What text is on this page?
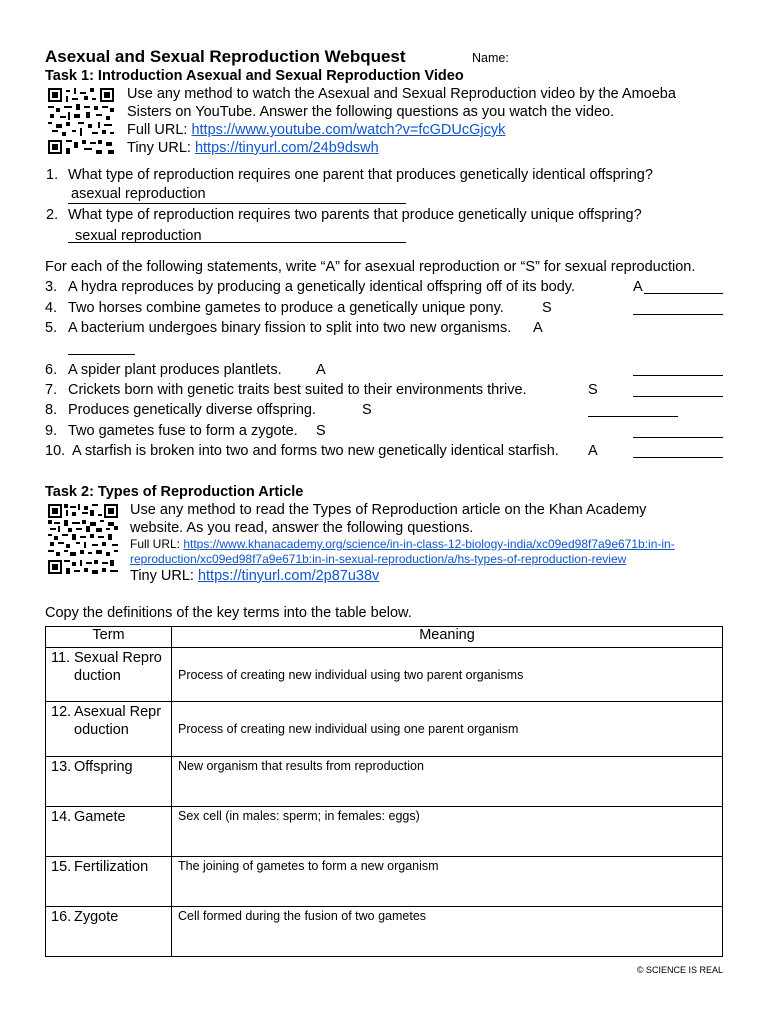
Asexual and Sexual Reproduction Webquest	Name:
Task 1: Introduction Asexual and Sexual Reproduction Video
Use any method to watch the Asexual and Sexual Reproduction video by the Amoeba
Sisters on YouTube. Answer the following questions as you watch the video.
Full URL: https://www.youtube.com/watch?v=fcGDUcGjcyk
Tiny URL: https://tinyurl.com/24b9dswh
1. What type of reproduction requires one parent that produces genetically identical offspring?
asexual reproduction
2. What type of reproduction requires two parents that produce genetically unique offspring?
sexual reproduction
For each of the following statements, write “A” for asexual reproduction or “S” for sexual reproduction.
3. A hydra reproduces by producing a genetically identical offspring off of its body.	A
4. Two horses combine gametes to produce a genetically unique pony.	S
5. A bacterium undergoes binary fission to split into two new organisms. A
6. A spider plant produces plantlets. A
7. Crickets born with genetic traits best suited to their environments thrive.	S
8. Produces genetically diverse offspring.	S
9. Two gametes fuse to form a zygote. S
10. A starfish is broken into two and forms two new genetically identical starfish. A
Task 2: Types of Reproduction Article
Use any method to read the Types of Reproduction article on the Khan Academy
website. As you read, answer the following questions.
Full URL: https://www.khanacademy.org/science/in-in-class-12-biology-india/xc09ed98f7a9e671b:in-in-
reproduction/xc09ed98f7a9e671b:in-in-sexual-reproduction/a/hs-types-of-reproduction-review
Tiny URL: https://tinyurl.com/2p87u38v
Copy the definitions of the key terms into the table below.
Term	Meaning

11. Sexual Reproduction	Process of creating new individual using two parent organisms

12. Asexual Reproduction	Process of creating new individual using one parent organism

13. Offspring	New organism that results from reproduction

14. Gamete	Sex cell (in males: sperm; in females: eggs)

15. Fertilization	The joining of gametes to form a new organism

16. Zygote	Cell formed during the fusion of two gametes
© SCIENCE IS REAL
